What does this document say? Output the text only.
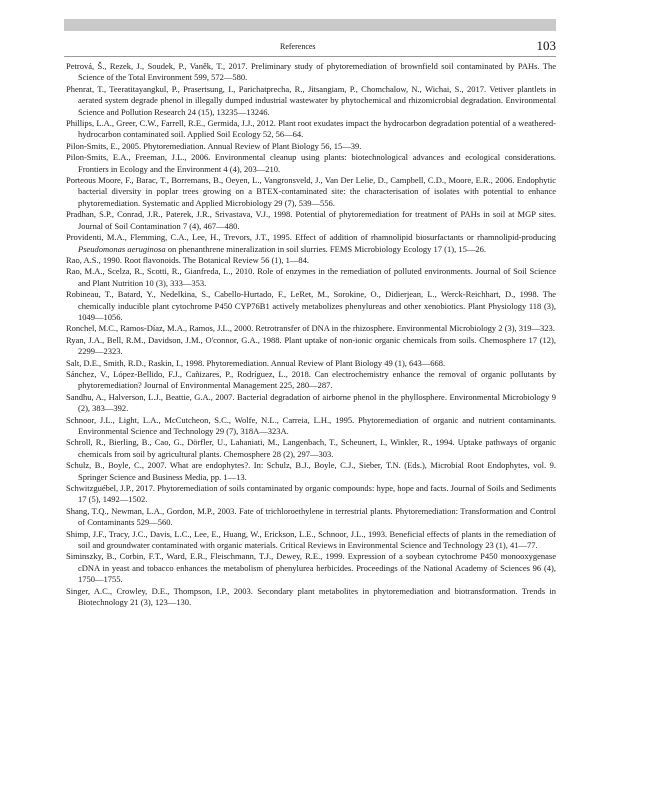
References	103
Petrová, Š., Rezek, J., Soudek, P., Vaněk, T., 2017. Preliminary study of phytoremediation of brownfield soil contaminated by PAHs. The Science of the Total Environment 599, 572—580.
Phenrat, T., Teeratitayangkul, P., Prasertsung, I., Parichatprecha, R., Jitsangiam, P., Chomchalow, N., Wichai, S., 2017. Vetiver plantlets in aerated system degrade phenol in illegally dumped industrial wastewater by phytochemical and rhizomicrobial degradation. Environmental Science and Pollution Research 24 (15), 13235—13246.
Phillips, L.A., Greer, C.W., Farrell, R.E., Germida, J.J., 2012. Plant root exudates impact the hydrocarbon degradation potential of a weathered-hydrocarbon contaminated soil. Applied Soil Ecology 52, 56—64.
Pilon-Smits, E., 2005. Phytoremediation. Annual Review of Plant Biology 56, 15—39.
Pilon-Smits, E.A., Freeman, J.L., 2006. Environmental cleanup using plants: biotechnological advances and ecological considerations. Frontiers in Ecology and the Environment 4 (4), 203—210.
Porteous Moore, F., Barac, T., Borremans, B., Oeyen, L., Vangronsveld, J., Van Der Lelie, D., Campbell, C.D., Moore, E.R., 2006. Endophytic bacterial diversity in poplar trees growing on a BTEX-contaminated site: the characterisation of isolates with potential to enhance phytoremediation. Systematic and Applied Microbiology 29 (7), 539—556.
Pradhan, S.P., Conrad, J.R., Paterek, J.R., Srivastava, V.J., 1998. Potential of phytoremediation for treatment of PAHs in soil at MGP sites. Journal of Soil Contamination 7 (4), 467—480.
Providenti, M.A., Flemming, C.A., Lee, H., Trevors, J.T., 1995. Effect of addition of rhamnolipid biosurfactants or rhamnolipid-producing Pseudomonas aeruginosa on phenanthrene mineralization in soil slurries. FEMS Microbiology Ecology 17 (1), 15—26.
Rao, A.S., 1990. Root flavonoids. The Botanical Review 56 (1), 1—84.
Rao, M.A., Scelza, R., Scotti, R., Gianfreda, L., 2010. Role of enzymes in the remediation of polluted environments. Journal of Soil Science and Plant Nutrition 10 (3), 333—353.
Robineau, T., Batard, Y., Nedelkina, S., Cabello-Hurtado, F., LeRet, M., Sorokine, O., Didierjean, L., Werck-Reichhart, D., 1998. The chemically inducible plant cytochrome P450 CYP76B1 actively metabolizes phenylureas and other xenobiotics. Plant Physiology 118 (3), 1049—1056.
Ronchel, M.C., Ramos-Díaz, M.A., Ramos, J.L., 2000. Retrotransfer of DNA in the rhizosphere. Environmental Microbiology 2 (3), 319—323.
Ryan, J.A., Bell, R.M., Davidson, J.M., O'connor, G.A., 1988. Plant uptake of non-ionic organic chemicals from soils. Chemosphere 17 (12), 2299—2323.
Salt, D.E., Smith, R.D., Raskin, I., 1998. Phytoremediation. Annual Review of Plant Biology 49 (1), 643—668.
Sánchez, V., López-Bellido, F.J., Cañizares, P., Rodríguez, L., 2018. Can electrochemistry enhance the removal of organic pollutants by phytoremediation? Journal of Environmental Management 225, 280—287.
Sandhu, A., Halverson, L.J., Beattie, G.A., 2007. Bacterial degradation of airborne phenol in the phyllosphere. Environmental Microbiology 9 (2), 383—392.
Schnoor, J.L., Light, L.A., McCutcheon, S.C., Wolfe, N.L., Carreia, L.H., 1995. Phytoremediation of organic and nutrient contaminants. Environmental Science and Technology 29 (7), 318A—323A.
Schroll, R., Bierling, B., Cao, G., Dörfler, U., Lahaniati, M., Langenbach, T., Scheunert, I., Winkler, R., 1994. Uptake pathways of organic chemicals from soil by agricultural plants. Chemosphere 28 (2), 297—303.
Schulz, B., Boyle, C., 2007. What are endophytes?. In: Schulz, B.J., Boyle, C.J., Sieber, T.N. (Eds.), Microbial Root Endophytes, vol. 9. Springer Science and Business Media, pp. 1—13.
Schwitzguébel, J.P., 2017. Phytoremediation of soils contaminated by organic compounds: hype, hope and facts. Journal of Soils and Sediments 17 (5), 1492—1502.
Shang, T.Q., Newman, L.A., Gordon, M.P., 2003. Fate of trichloroethylene in terrestrial plants. Phytoremediation: Transformation and Control of Contaminants 529—560.
Shimp, J.F., Tracy, J.C., Davis, L.C., Lee, E., Huang, W., Erickson, L.E., Schnoor, J.L., 1993. Beneficial effects of plants in the remediation of soil and groundwater contaminated with organic materials. Critical Reviews in Environmental Science and Technology 23 (1), 41—77.
Siminszky, B., Corbin, F.T., Ward, E.R., Fleischmann, T.J., Dewey, R.E., 1999. Expression of a soybean cytochrome P450 monooxygenase cDNA in yeast and tobacco enhances the metabolism of phenylurea herbicides. Proceedings of the National Academy of Sciences 96 (4), 1750—1755.
Singer, A.C., Crowley, D.E., Thompson, I.P., 2003. Secondary plant metabolites in phytoremediation and biotransformation. Trends in Biotechnology 21 (3), 123—130.
